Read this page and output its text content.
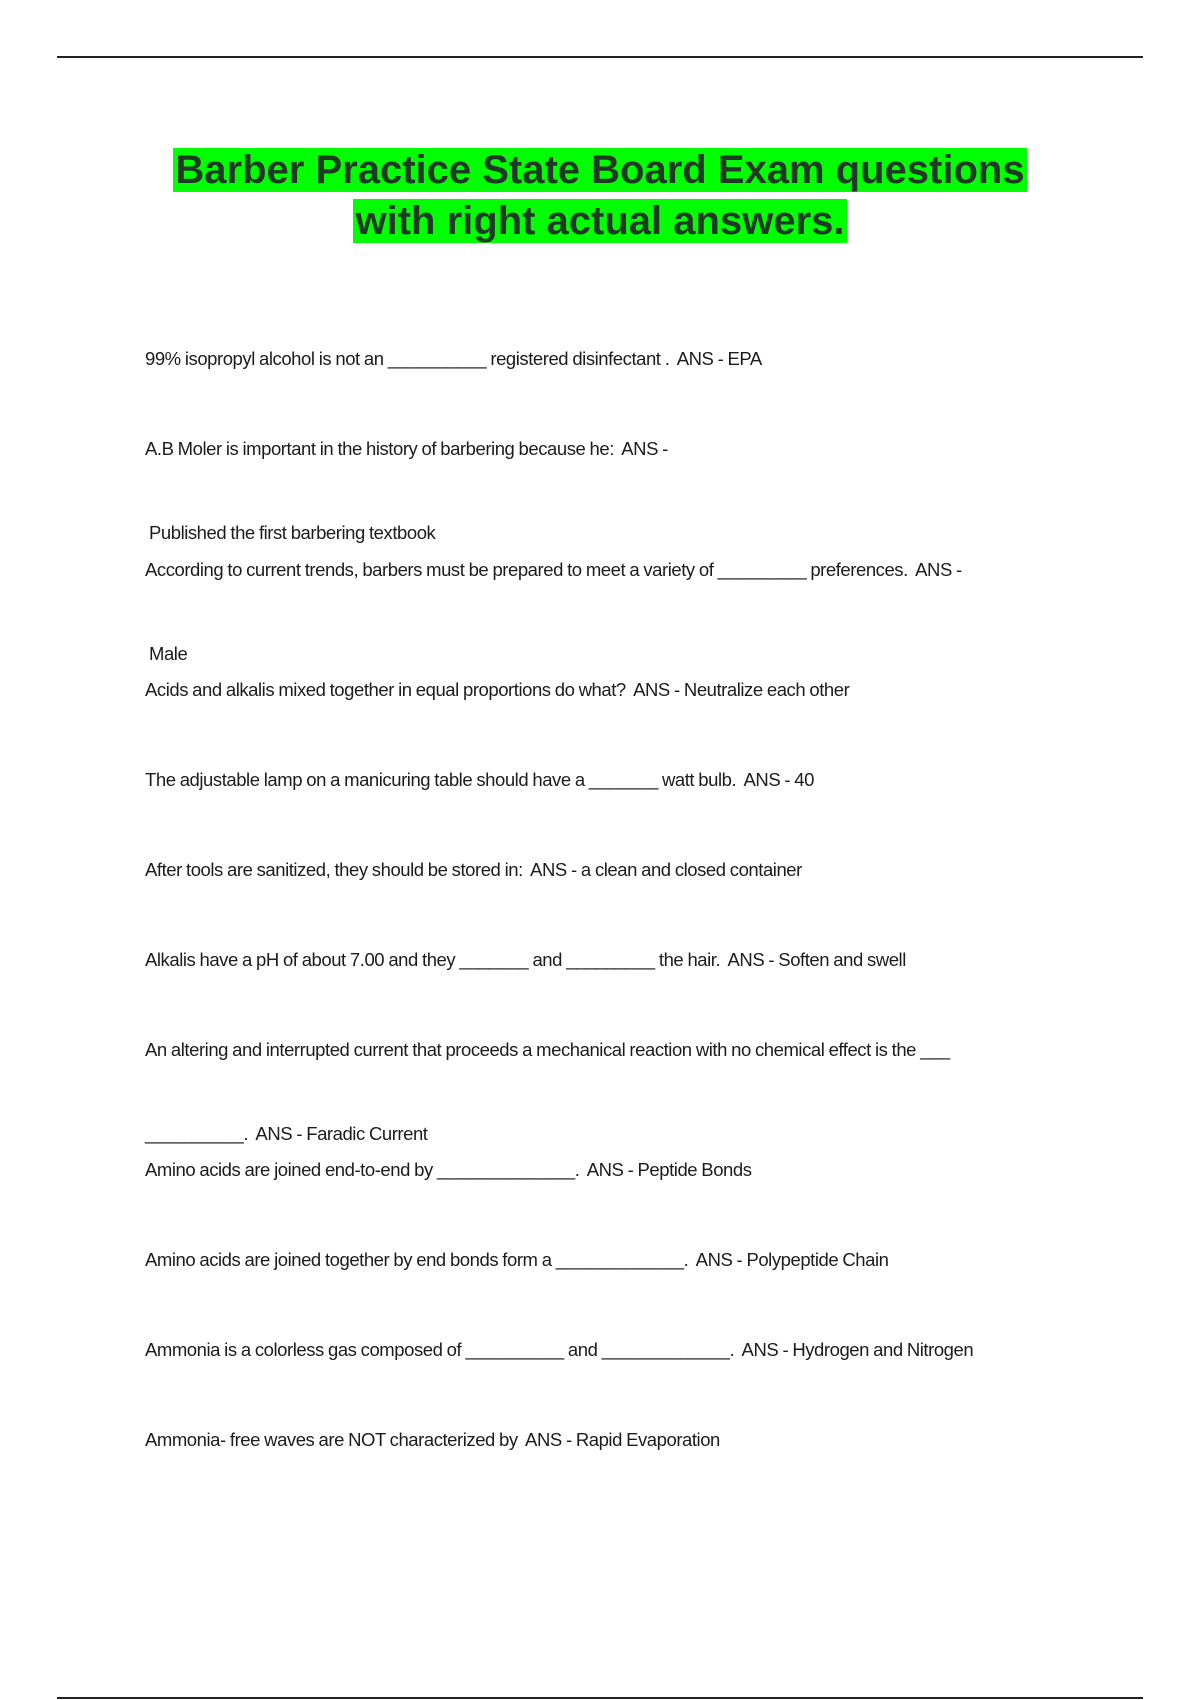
Barber Practice State Board Exam questions
with right actual answers.

99% isopropyl alcohol is not an __________ registered disinfectant .  ANS - EPA

A.B Moler is important in the history of barbering because he:  ANS -

Published the first barbering textbook

According to current trends, barbers must be prepared to meet a variety of _________ preferences.  ANS -

Male

Acids and alkalis mixed together in equal proportions do what?  ANS - Neutralize each other

The adjustable lamp on a manicuring table should have a _______ watt bulb.  ANS - 40

After tools are sanitized, they should be stored in:  ANS - a clean and closed container

Alkalis have a pH of about 7.00 and they _______ and _________ the hair.  ANS - Soften and swell

An altering and interrupted current that proceeds a mechanical reaction with no chemical effect is the ___

__________.  ANS - Faradic Current

Amino acids are joined end-to-end by ______________.  ANS - Peptide Bonds

Amino acids are joined together by end bonds form a _____________.  ANS - Polypeptide Chain

Ammonia is a colorless gas composed of __________ and _____________.  ANS - Hydrogen and Nitrogen

Ammonia- free waves are NOT characterized by  ANS - Rapid Evaporation
